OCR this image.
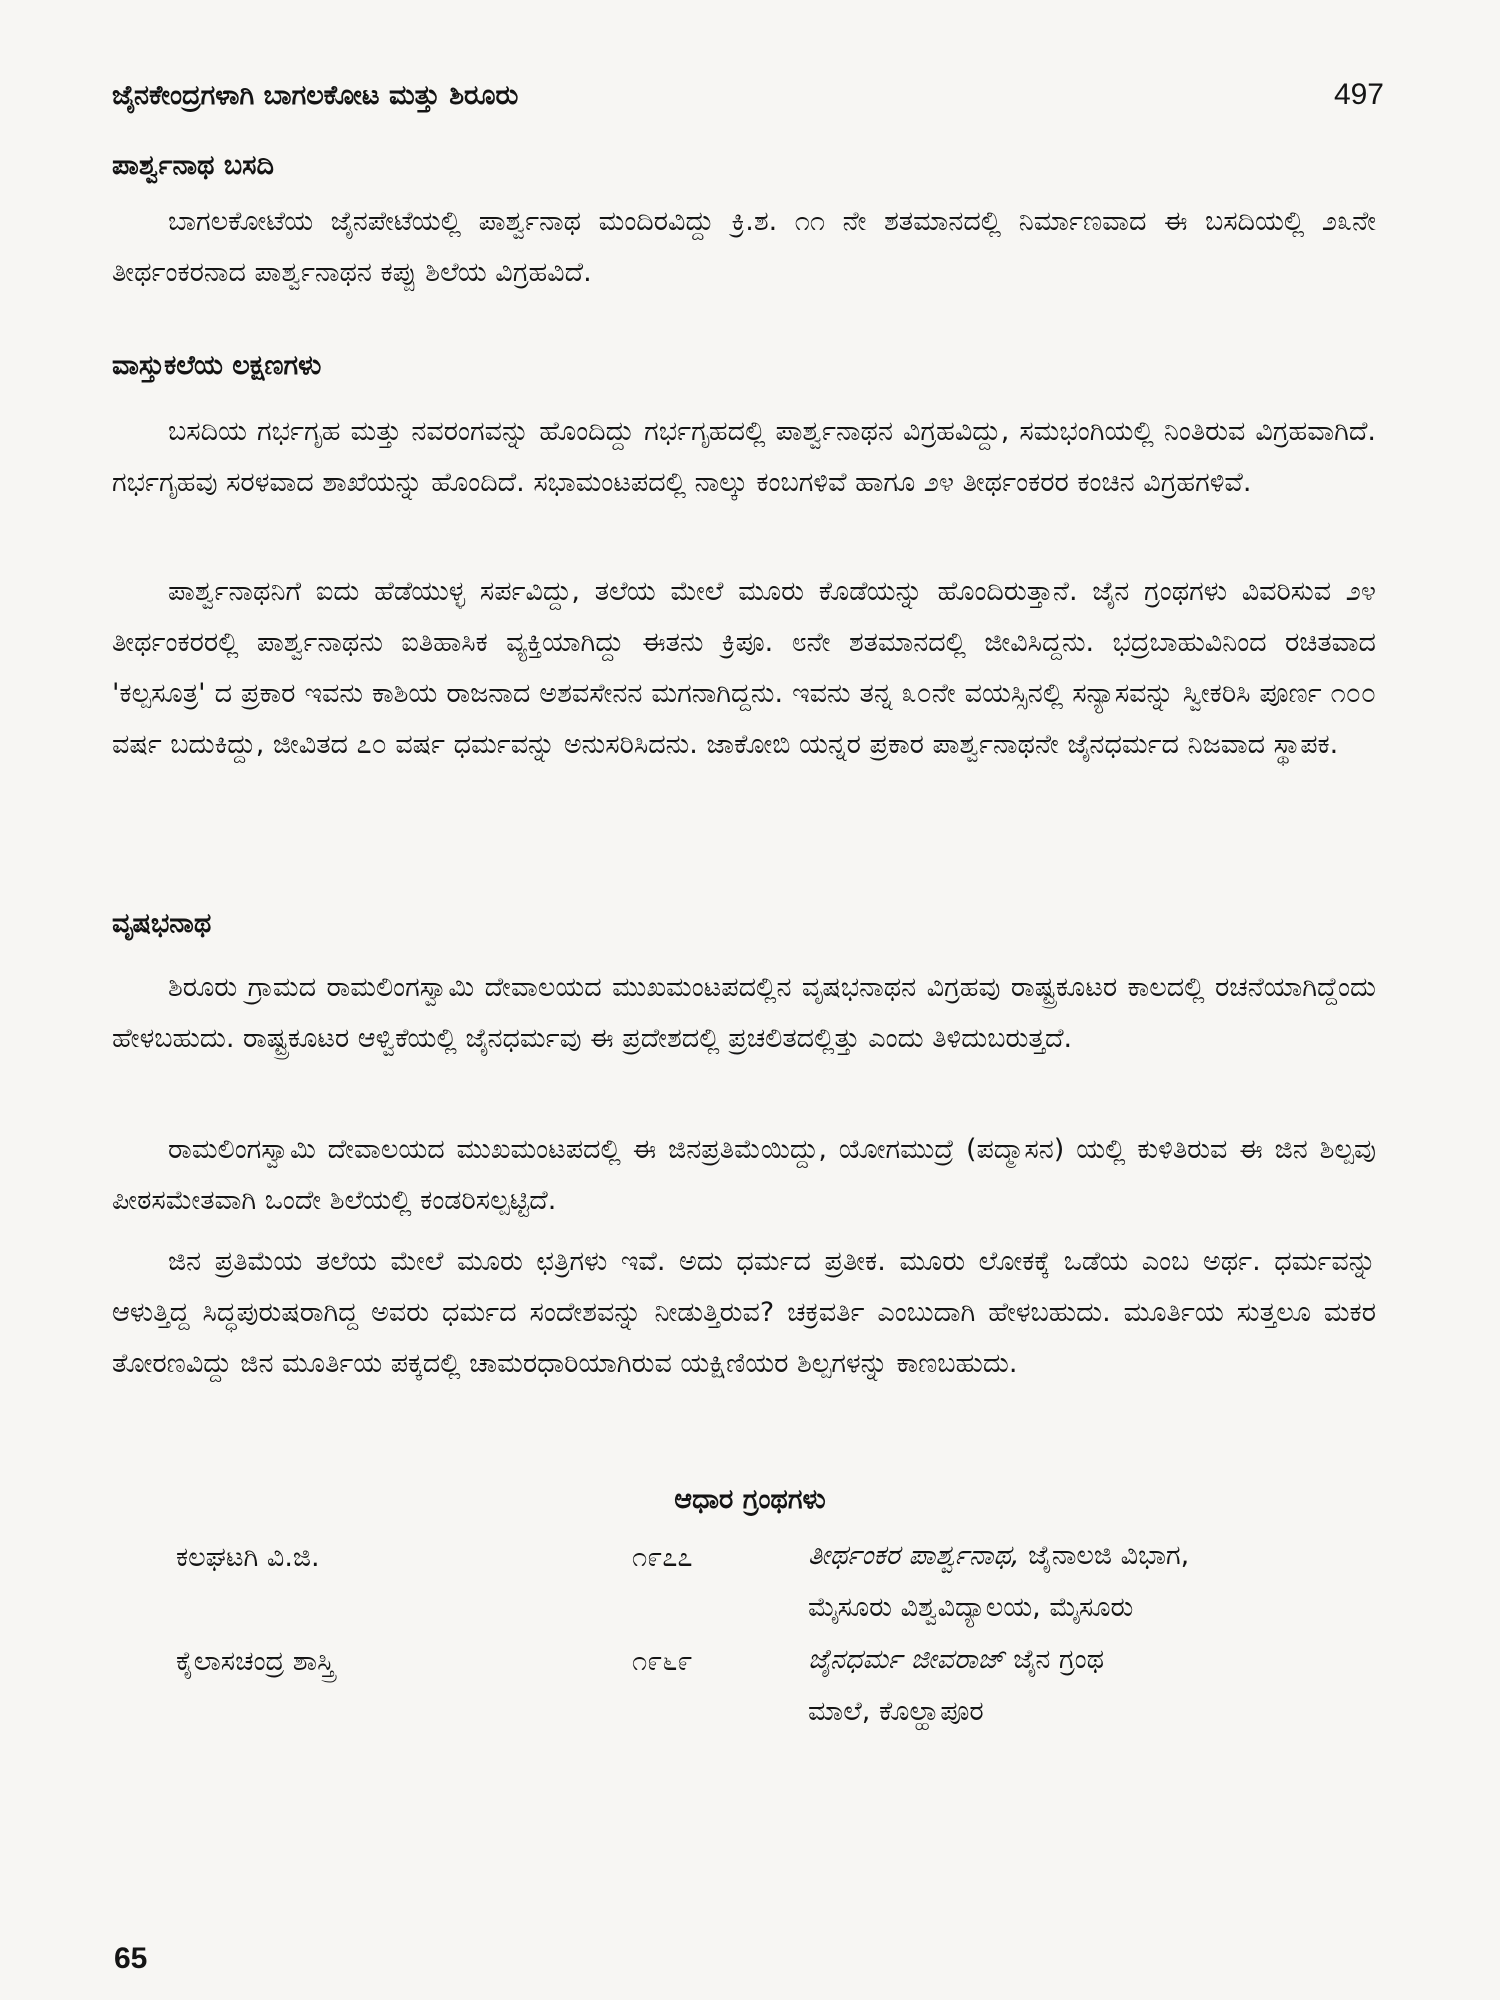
ಜೈನಕೇಂದ್ರಗಳಾಗಿ ಬಾಗಲಕೋಟ ಮತ್ತು ಶಿರೂರು	497
ಪಾರ್ಶ್ವನಾಥ ಬಸದಿ
ಬಾಗಲಕೋಟೆಯ ಜೈನಪೇಟೆಯಲ್ಲಿ ಪಾರ್ಶ್ವನಾಥ ಮಂದಿರವಿದ್ದು ಕ್ರಿ.ಶ. ೧೧ ನೇ ಶತಮಾನದಲ್ಲಿ ನಿರ್ಮಾಣವಾದ ಈ ಬಸದಿಯಲ್ಲಿ ೨೩ನೇ ತೀರ್ಥಂಕರನಾದ ಪಾರ್ಶ್ವನಾಥನ ಕಪ್ಪು ಶಿಲೆಯ ವಿಗ್ರಹವಿದೆ.
ವಾಸ್ತುಕಲೆಯ ಲಕ್ಷಣಗಳು
ಬಸದಿಯ ಗರ್ಭಗೃಹ ಮತ್ತು ನವರಂಗವನ್ನು ಹೊಂದಿದ್ದು ಗರ್ಭಗೃಹದಲ್ಲಿ ಪಾರ್ಶ್ವನಾಥನ ವಿಗ್ರಹವಿದ್ದು, ಸಮಭಂಗಿಯಲ್ಲಿ ನಿಂತಿರುವ ವಿಗ್ರಹವಾಗಿದೆ. ಗರ್ಭಗೃಹವು ಸರಳವಾದ ಶಾಖೆಯನ್ನು ಹೊಂದಿದೆ. ಸಭಾಮಂಟಪದಲ್ಲಿ ನಾಲ್ಕು ಕಂಬಗಳಿವೆ ಹಾಗೂ ೨೪ ತೀರ್ಥಂಕರರ ಕಂಚಿನ ವಿಗ್ರಹಗಳಿವೆ.
ಪಾರ್ಶ್ವನಾಥನಿಗೆ ಐದು ಹೆಡೆಯುಳ್ಳ ಸರ್ಪವಿದ್ದು, ತಲೆಯ ಮೇಲೆ ಮೂರು ಕೊಡೆಯನ್ನು ಹೊಂದಿರುತ್ತಾನೆ. ಜೈನ ಗ್ರಂಥಗಳು ವಿವರಿಸುವ ೨೪ ತೀರ್ಥಂಕರರಲ್ಲಿ ಪಾರ್ಶ್ವನಾಥನು ಐತಿಹಾಸಿಕ ವ್ಯಕ್ತಿಯಾಗಿದ್ದು ಈತನು ಕ್ರಿಪೂ. ೮ನೇ ಶತಮಾನದಲ್ಲಿ ಜೀವಿಸಿದ್ದನು. ಭದ್ರಬಾಹುವಿನಿಂದ ರಚಿತವಾದ 'ಕಲ್ಪಸೂತ್ರ' ದ ಪ್ರಕಾರ ಇವನು ಕಾಶಿಯ ರಾಜನಾದ ಅಶವಸೇನನ ಮಗನಾಗಿದ್ದನು. ಇವನು ತನ್ನ ೩೦ನೇ ವಯಸ್ಸಿನಲ್ಲಿ ಸನ್ಯಾಸವನ್ನು ಸ್ವೀಕರಿಸಿ ಪೂರ್ಣ ೧೦೦ ವರ್ಷ ಬದುಕಿದ್ದು, ಜೀವಿತದ ೭೦ ವರ್ಷ ಧರ್ಮವನ್ನು ಅನುಸರಿಸಿದನು. ಜಾಕೋಬಿ ಯನ್ನರ ಪ್ರಕಾರ ಪಾರ್ಶ್ವನಾಥನೇ ಜೈನಧರ್ಮದ ನಿಜವಾದ ಸ್ಥಾಪಕ.
ವೃಷಭನಾಥ
ಶಿರೂರು ಗ್ರಾಮದ ರಾಮಲಿಂಗಸ್ವಾಮಿ ದೇವಾಲಯದ ಮುಖಮಂಟಪದಲ್ಲಿನ ವೃಷಭನಾಥನ ವಿಗ್ರಹವು ರಾಷ್ಟ್ರಕೂಟರ ಕಾಲದಲ್ಲಿ ರಚನೆಯಾಗಿದ್ದೆಂದು ಹೇಳಬಹುದು. ರಾಷ್ಟ್ರಕೂಟರ ಆಳ್ವಿಕೆಯಲ್ಲಿ ಜೈನಧರ್ಮವು ಈ ಪ್ರದೇಶದಲ್ಲಿ ಪ್ರಚಲಿತದಲ್ಲಿತ್ತು ಎಂದು ತಿಳಿದುಬರುತ್ತದೆ.
ರಾಮಲಿಂಗಸ್ವಾಮಿ ದೇವಾಲಯದ ಮುಖಮಂಟಪದಲ್ಲಿ ಈ ಜಿನಪ್ರತಿಮೆಯಿದ್ದು, ಯೋಗಮುದ್ರೆ (ಪದ್ಮಾಸನ) ಯಲ್ಲಿ ಕುಳಿತಿರುವ ಈ ಜಿನ ಶಿಲ್ಪವು ಪೀಠಸಮೇತವಾಗಿ ಒಂದೇ ಶಿಲೆಯಲ್ಲಿ ಕಂಡರಿಸಲ್ಪಟ್ಟಿದೆ.
ಜಿನ ಪ್ರತಿಮೆಯ ತಲೆಯ ಮೇಲೆ ಮೂರು ಛತ್ರಿಗಳು ಇವೆ. ಅದು ಧರ್ಮದ ಪ್ರತೀಕ. ಮೂರು ಲೋಕಕ್ಕೆ ಒಡೆಯ ಎಂಬ ಅರ್ಥ. ಧರ್ಮವನ್ನು ಆಳುತ್ತಿದ್ದ ಸಿದ್ಧಪುರುಷರಾಗಿದ್ದ ಅವರು ಧರ್ಮದ ಸಂದೇಶವನ್ನು ನೀಡುತ್ತಿರುವ? ಚಕ್ರವರ್ತಿ ಎಂಬುದಾಗಿ ಹೇಳಬಹುದು. ಮೂರ್ತಿಯ ಸುತ್ತಲೂ ಮಕರ ತೋರಣವಿದ್ದು ಜಿನ ಮೂರ್ತಿಯ ಪಕ್ಕದಲ್ಲಿ ಚಾಮರಧಾರಿಯಾಗಿರುವ ಯಕ್ಷಿಣಿಯರ ಶಿಲ್ಪಗಳನ್ನು ಕಾಣಬಹುದು.
ಆಧಾರ ಗ್ರಂಥಗಳು
ಕಲಘಟಗಿ ವಿ.ಜಿ.	೧೯೭೭	ತೀರ್ಥಂಕರ ಪಾರ್ಶ್ವನಾಥ, ಜೈನಾಲಜಿ ವಿಭಾಗ,
ಮೈಸೂರು ವಿಶ್ವವಿದ್ಯಾಲಯ, ಮೈಸೂರು
ಕೈಲಾಸಚಂದ್ರ ಶಾಸ್ತ್ರಿ	೧೯೬೯	ಜೈನಧರ್ಮ ಜೀವರಾಜ್ ಜೈನ ಗ್ರಂಥ
ಮಾಲೆ, ಕೊಲ್ಹಾಪೂರ
65
